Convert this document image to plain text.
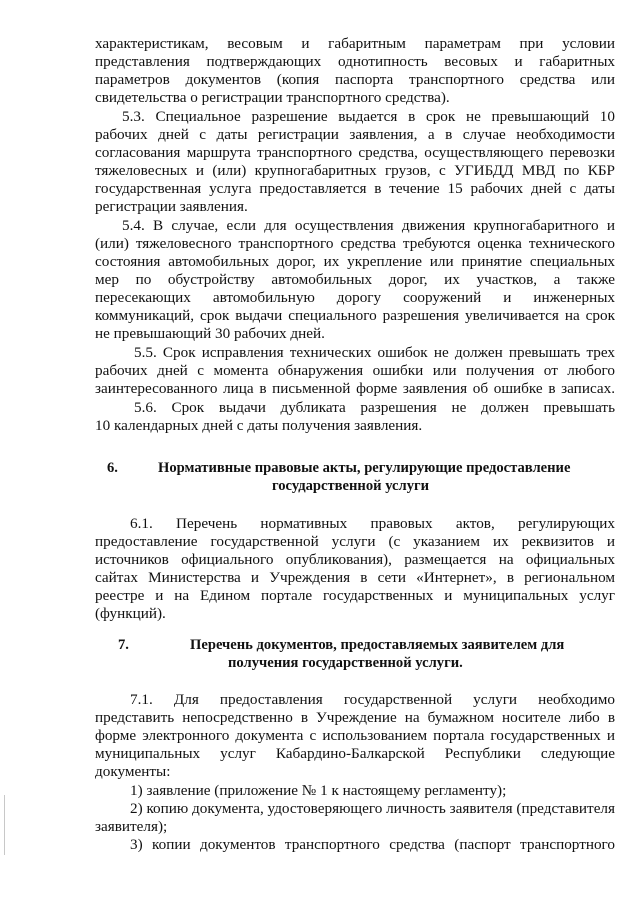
характеристикам, весовым и габаритным параметрам при условии
представления подтверждающих однотипность весовых и габаритных
параметров документов (копия паспорта транспортного средства или
свидетельства о регистрации транспортного средства).
5.3. Специальное разрешение выдается в срок не превышающий 10
рабочих дней с даты регистрации заявления, а в случае необходимости
согласования маршрута транспортного средства, осуществляющего перевозки
тяжеловесных и (или) крупногабаритных грузов, с УГИБДД МВД по КБР
государственная услуга предоставляется в течение 15 рабочих дней с даты
регистрации заявления.
5.4. В случае, если для осуществления движения крупногабаритного и
(или) тяжеловесного транспортного средства требуются оценка технического
состояния автомобильных дорог, их укрепление или принятие специальных
мер по обустройству автомобильных дорог, их участков, а также
пересекающих автомобильную дорогу сооружений и инженерных
коммуникаций, срок выдачи специального разрешения увеличивается на срок
не превышающий 30 рабочих дней.
5.5. Срок исправления технических ошибок не должен превышать трех
рабочих дней с момента обнаружения ошибки или получения от любого
заинтересованного лица в письменной форме заявления об ошибке в записах.
5.6. Срок выдачи дубликата разрешения не должен превышать
10 календарных дней с даты получения заявления.
6.	Нормативные правовые акты, регулирующие предоставление
государственной услуги
6.1. Перечень нормативных правовых актов, регулирующих
предоставление государственной услуги (с указанием их реквизитов и
источников официального опубликования), размещается на официальных
сайтах Министерства и Учреждения в сети «Интернет», в региональном
реестре и на Едином портале государственных и муниципальных услуг
(функций).
7.	Перечень документов, предоставляемых заявителем для
получения государственной услуги.
7.1. Для предоставления государственной услуги необходимо
представить непосредственно в Учреждение на бумажном носителе либо в
форме электронного документа с использованием портала государственных и
муниципальных услуг Кабардино-Балкарской Республики следующие
документы:
1) заявление (приложение № 1 к настоящему регламенту);
2) копию документа, удостоверяющего личность заявителя (представителя
заявителя);
3) копии документов транспортного средства (паспорт транспортного
